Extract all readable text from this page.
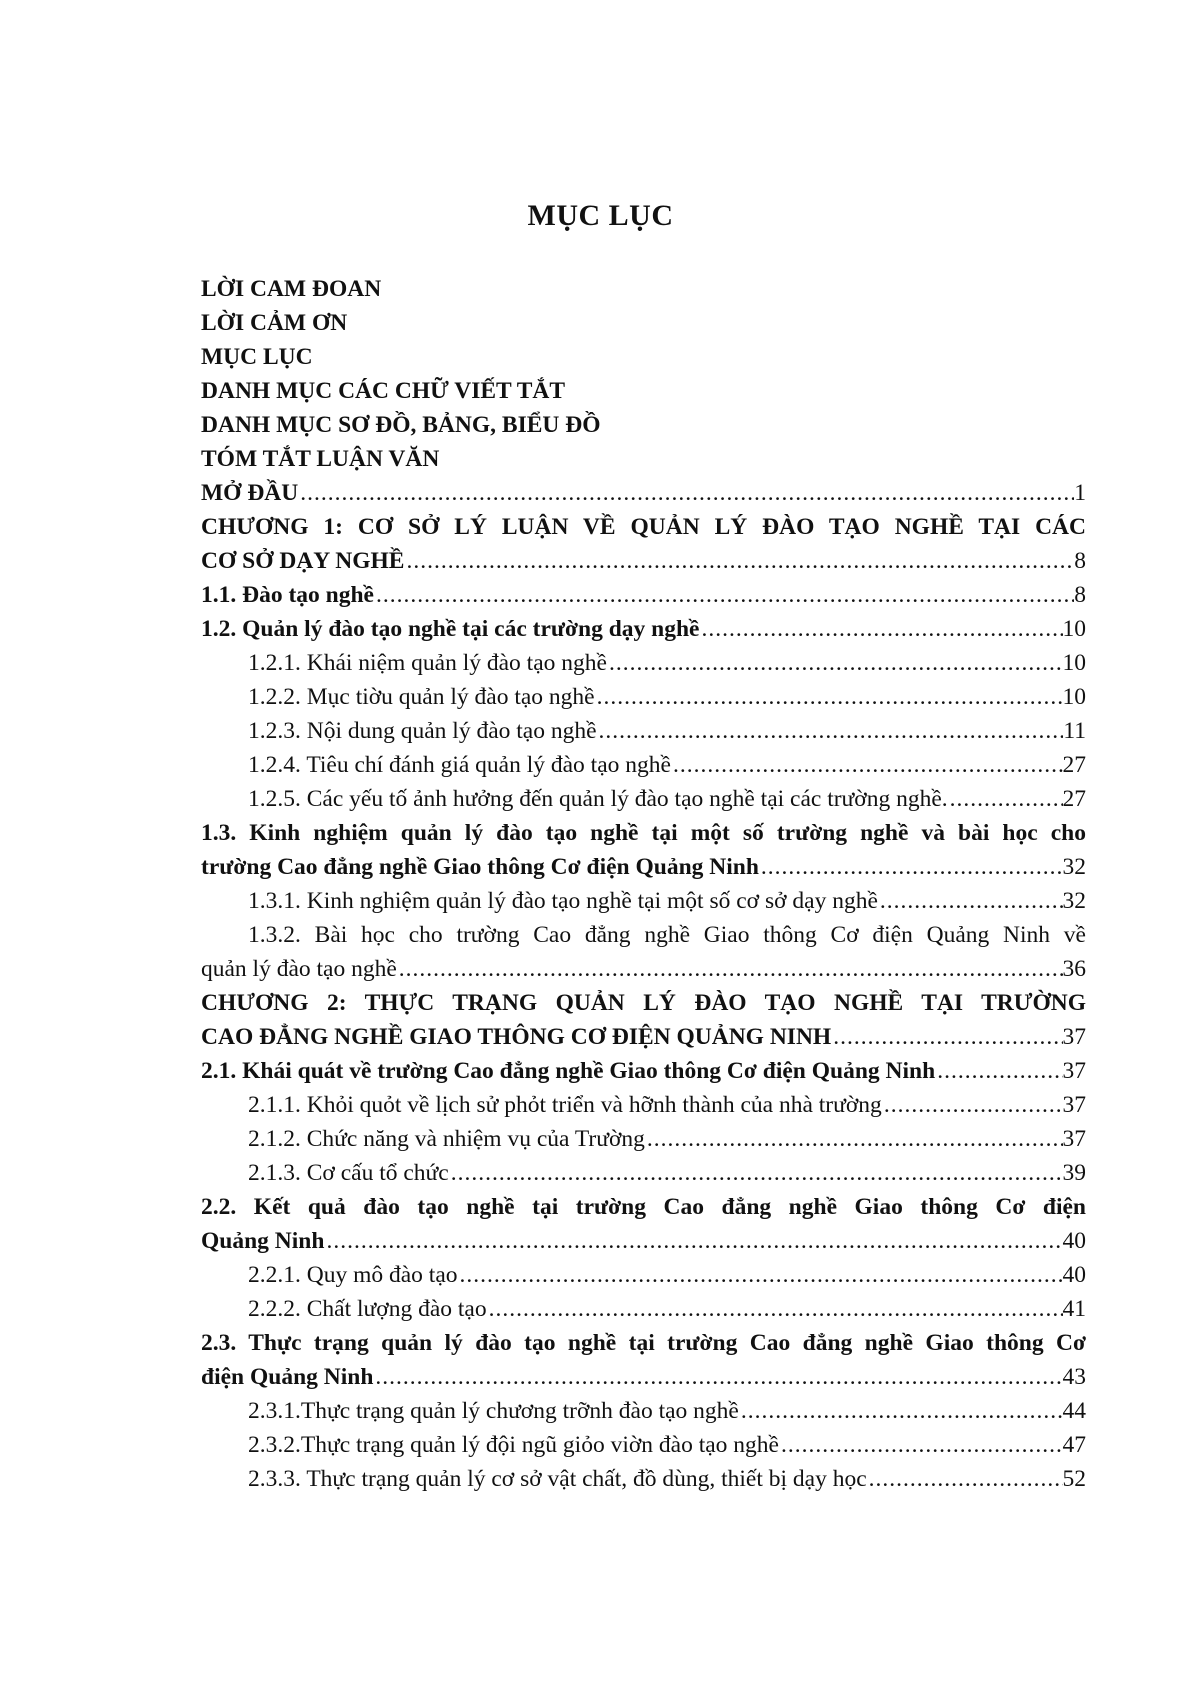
MỤC LỤC
LỜI CAM ĐOAN
LỜI CẢM ƠN
MỤC LỤC
DANH MỤC CÁC CHỮ VIẾT TẮT
DANH MỤC SƠ ĐỒ, BẢNG, BIỂU ĐỒ
TÓM TẮT LUẬN VĂN
MỞ ĐẦU .....	1
CHƯƠNG 1: CƠ SỞ LÝ LUẬN VỀ QUẢN LÝ ĐÀO TẠO NGHỀ TẠI CÁC
CƠ SỞ DẠY NGHỀ .....	8
1.1. Đào tạo nghề .....	8
1.2. Quản lý đào tạo nghề tại các trường dạy nghề .....	10
1.2.1. Khái niệm quản lý đào tạo nghề .....	10
1.2.2. Mục tiờu quản lý đào tạo nghề .....	10
1.2.3. Nội dung quản lý đào tạo nghề .....	11
1.2.4. Tiêu chí đánh giá quản lý đào tạo nghề .....	27
1.2.5. Các yếu tố ảnh hưởng đến quản lý đào tạo nghề tại các trường nghề. .....	27
1.3. Kinh nghiệm quản lý đào tạo nghề tại một số trường nghề và bài học cho
trường Cao đẳng nghề Giao thông Cơ điện Quảng Ninh .....	32
1.3.1. Kinh nghiệm quản lý đào tạo nghề tại một số cơ sở dạy nghề .....	32
1.3.2. Bài học cho trường Cao đẳng nghề Giao thông Cơ điện Quảng Ninh về
quản lý đào tạo nghề .....	36
CHƯƠNG 2: THỰC TRẠNG QUẢN LÝ ĐÀO TẠO NGHỀ TẠI TRƯỜNG
CAO ĐẲNG NGHỀ GIAO THÔNG CƠ ĐIỆN QUẢNG NINH .....	37
2.1. Khái quát về trường Cao đẳng nghề Giao thông Cơ điện Quảng Ninh .....	37
2.1.1. Khỏi quỏt về lịch sử phỏt triển và hỡnh thành của nhà trường .....	37
2.1.2. Chức năng và nhiệm vụ của Trường .....	37
2.1.3. Cơ cấu tổ chức .....	39
2.2. Kết quả đào tạo nghề tại trường Cao đẳng nghề Giao thông Cơ điện
Quảng Ninh .....	40
2.2.1. Quy mô đào tạo .....	40
2.2.2. Chất lượng đào tạo .....	41
2.3. Thực trạng quản lý đào tạo nghề tại trường Cao đẳng nghề Giao thông Cơ
điện Quảng Ninh .....	43
2.3.1.Thực trạng quản lý chương trỡnh đào tạo nghề .....	44
2.3.2.Thực trạng quản lý đội ngũ giỏo viờn đào tạo nghề .....	47
2.3.3. Thực trạng quản lý cơ sở vật chất, đồ dùng, thiết bị dạy học .....	52
